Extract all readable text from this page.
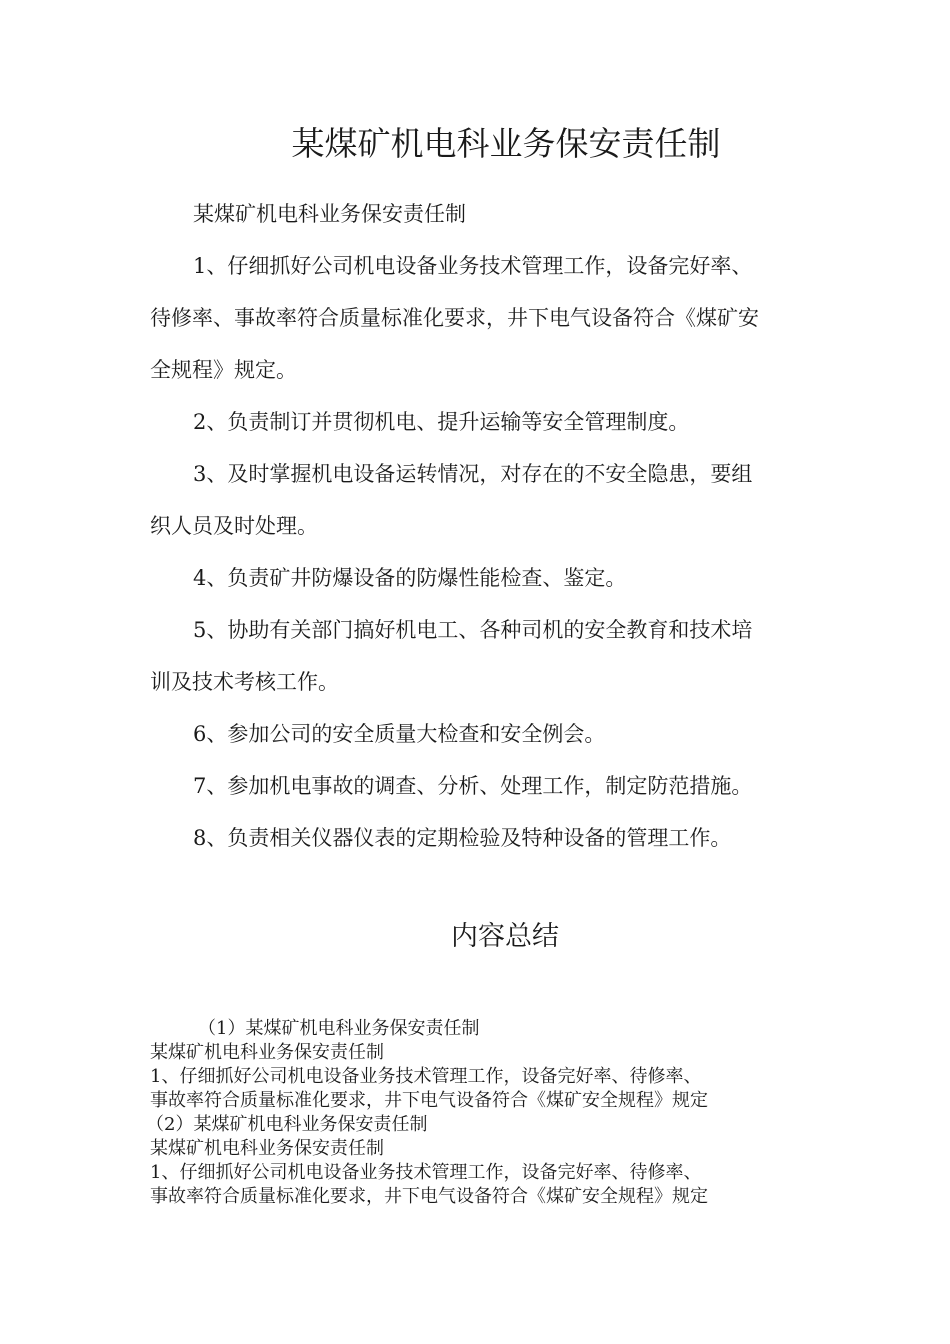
某煤矿机电科业务保安责任制

某煤矿机电科业务保安责任制

1、仔细抓好公司机电设备业务技术管理工作，设备完好率、

待修率、事故率符合质量标准化要求，井下电气设备符合《煤矿安

全规程》规定。

2、负责制订并贯彻机电、提升运输等安全管理制度。

3、及时掌握机电设备运转情况，对存在的不安全隐患，要组

织人员及时处理。

4、负责矿井防爆设备的防爆性能检查、鉴定。

5、协助有关部门搞好机电工、各种司机的安全教育和技术培

训及技术考核工作。

6、参加公司的安全质量大检查和安全例会。

7、参加机电事故的调查、分析、处理工作，制定防范措施。

8、负责相关仪器仪表的定期检验及特种设备的管理工作。

内容总结
（1）某煤矿机电科业务保安责任制
某煤矿机电科业务保安责任制
1、仔细抓好公司机电设备业务技术管理工作，设备完好率、待修率、
事故率符合质量标准化要求，井下电气设备符合《煤矿安全规程》规定
（2）某煤矿机电科业务保安责任制
某煤矿机电科业务保安责任制
1、仔细抓好公司机电设备业务技术管理工作，设备完好率、待修率、
事故率符合质量标准化要求，井下电气设备符合《煤矿安全规程》规定
